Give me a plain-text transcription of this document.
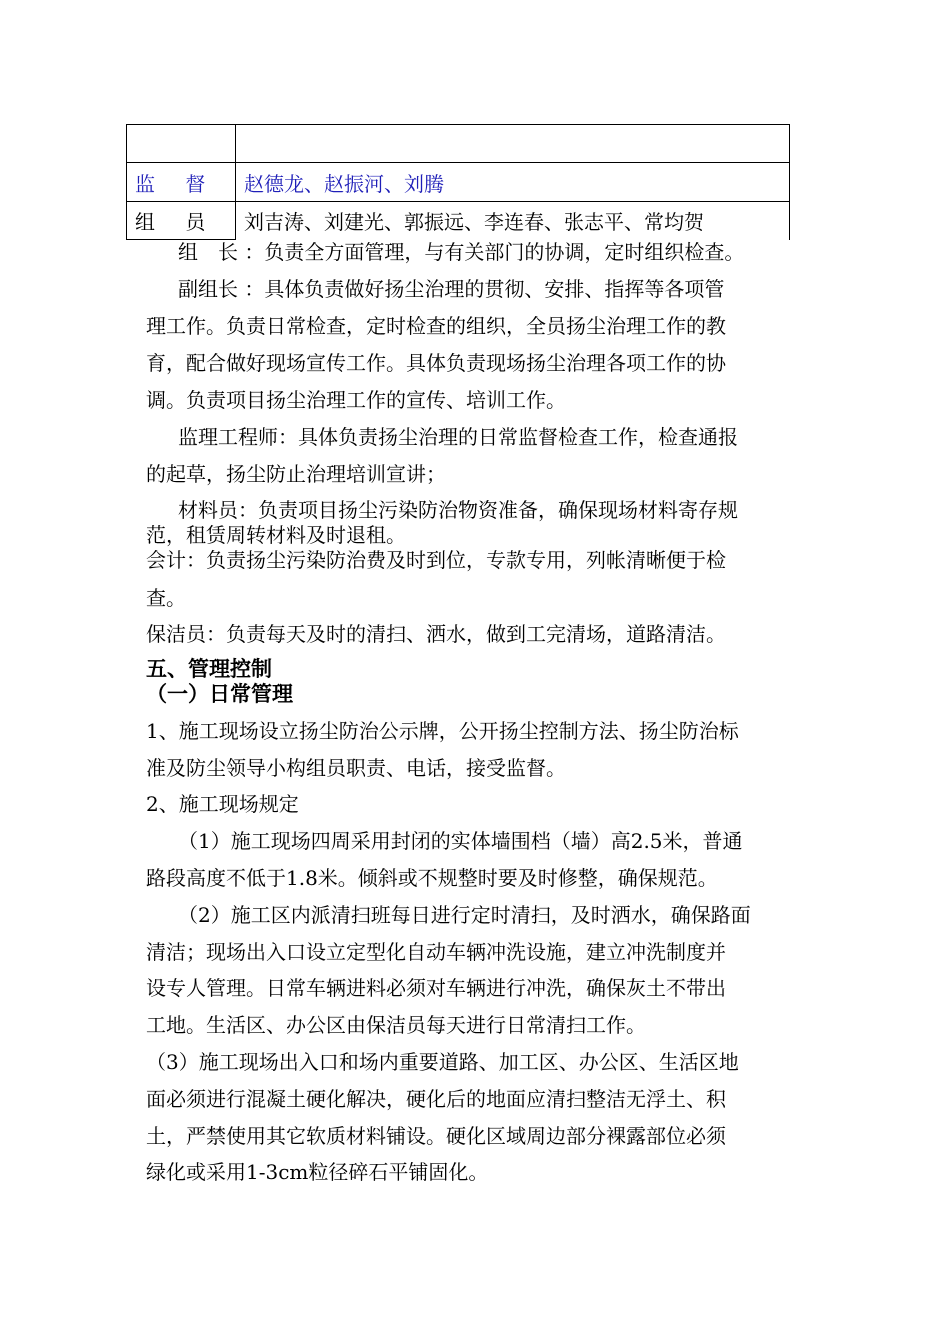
监 督	赵德龙、赵振河、刘腾
组 员	刘吉涛、刘建光、郭振远、李连春、张志平、常均贺
组　长 ：负责全方面管理，与有关部门的协调，定时组织检查。
副组长 ：具体负责做好扬尘治理的贯彻、安排、指挥等各项管
理工作。负责日常检查，定时检查的组织，全员扬尘治理工作的教
育，配合做好现场宣传工作。具体负责现场扬尘治理各项工作的协
调。负责项目扬尘治理工作的宣传、培训工作。
监理工程师：具体负责扬尘治理的日常监督检查工作，检查通报
的起草，扬尘防止治理培训宣讲；
材料员：负责项目扬尘污染防治物资准备，确保现场材料寄存规
范，租赁周转材料及时退租。
会计：负责扬尘污染防治费及时到位，专款专用，列帐清晰便于检
查。
保洁员：负责每天及时的清扫、洒水，做到工完清场，道路清洁。
五、管理控制
（一）日常管理
1、施工现场设立扬尘防治公示牌，公开扬尘控制方法、扬尘防治标
准及防尘领导小构组员职责、电话，接受监督。
2、施工现场规定
（1）施工现场四周采用封闭的实体墙围档（墙）高2.5米，普通
路段高度不低于1.8米。倾斜或不规整时要及时修整，确保规范。
（2）施工区内派清扫班每日进行定时清扫，及时洒水，确保路面
清洁；现场出入口设立定型化自动车辆冲洗设施，建立冲洗制度并
设专人管理。日常车辆进料必须对车辆进行冲洗，确保灰土不带出
工地。生活区、办公区由保洁员每天进行日常清扫工作。
（3）施工现场出入口和场内重要道路、加工区、办公区、生活区地
面必须进行混凝土硬化解决，硬化后的地面应清扫整洁无浮土、积
土，严禁使用其它软质材料铺设。硬化区域周边部分裸露部位必须
绿化或采用1-3cm粒径碎石平铺固化。
